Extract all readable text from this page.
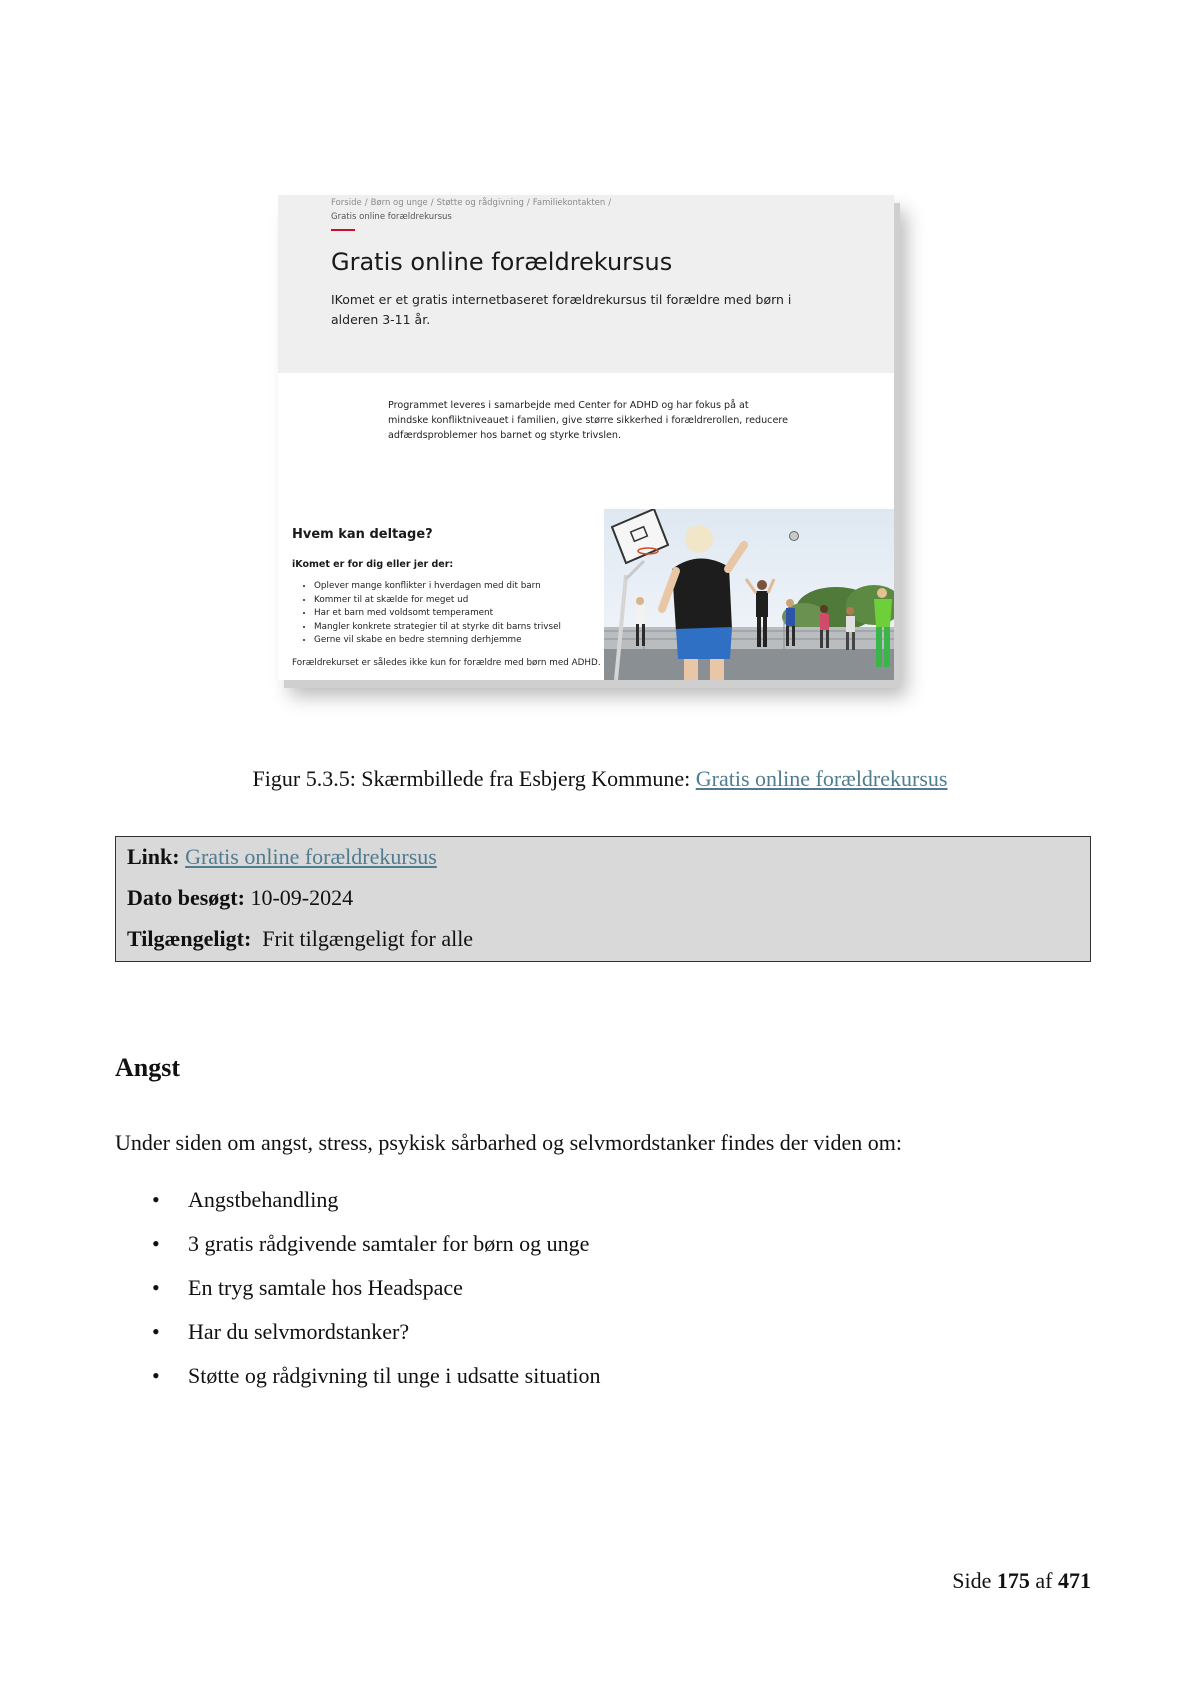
Forside / Børn og unge / Støtte og rådgivning / Familiekontakten /
Gratis online forældrekursus
Gratis online forældrekursus
IKomet er et gratis internetbaseret forældrekursus til forældre med børn i alderen 3-11 år.
Programmet leveres i samarbejde med Center for ADHD og har fokus på at mindske konfliktniveauet i familien, give større sikkerhed i forældrerollen, reducere adfærdsproblemer hos barnet og styrke trivslen.
Hvem kan deltage?
iKomet er for dig eller jer der:
• Oplever mange konflikter i hverdagen med dit barn
• Kommer til at skælde for meget ud
• Har et barn med voldsomt temperament
• Mangler konkrete strategier til at styrke dit barns trivsel
• Gerne vil skabe en bedre stemning derhjemme
Forældrekurset er således ikke kun for forældre med børn med ADHD.
Figur 5.3.5: Skærmbillede fra Esbjerg Kommune: Gratis online forældrekursus
Link: Gratis online forældrekursus
Dato besøgt: 10-09-2024
Tilgængeligt: Frit tilgængeligt for alle
Angst
Under siden om angst, stress, psykisk sårbarhed og selvmordstanker findes der viden om:
• Angstbehandling
• 3 gratis rådgivende samtaler for børn og unge
• En tryg samtale hos Headspace
• Har du selvmordstanker?
• Støtte og rådgivning til unge i udsatte situation
Side 175 af 471
